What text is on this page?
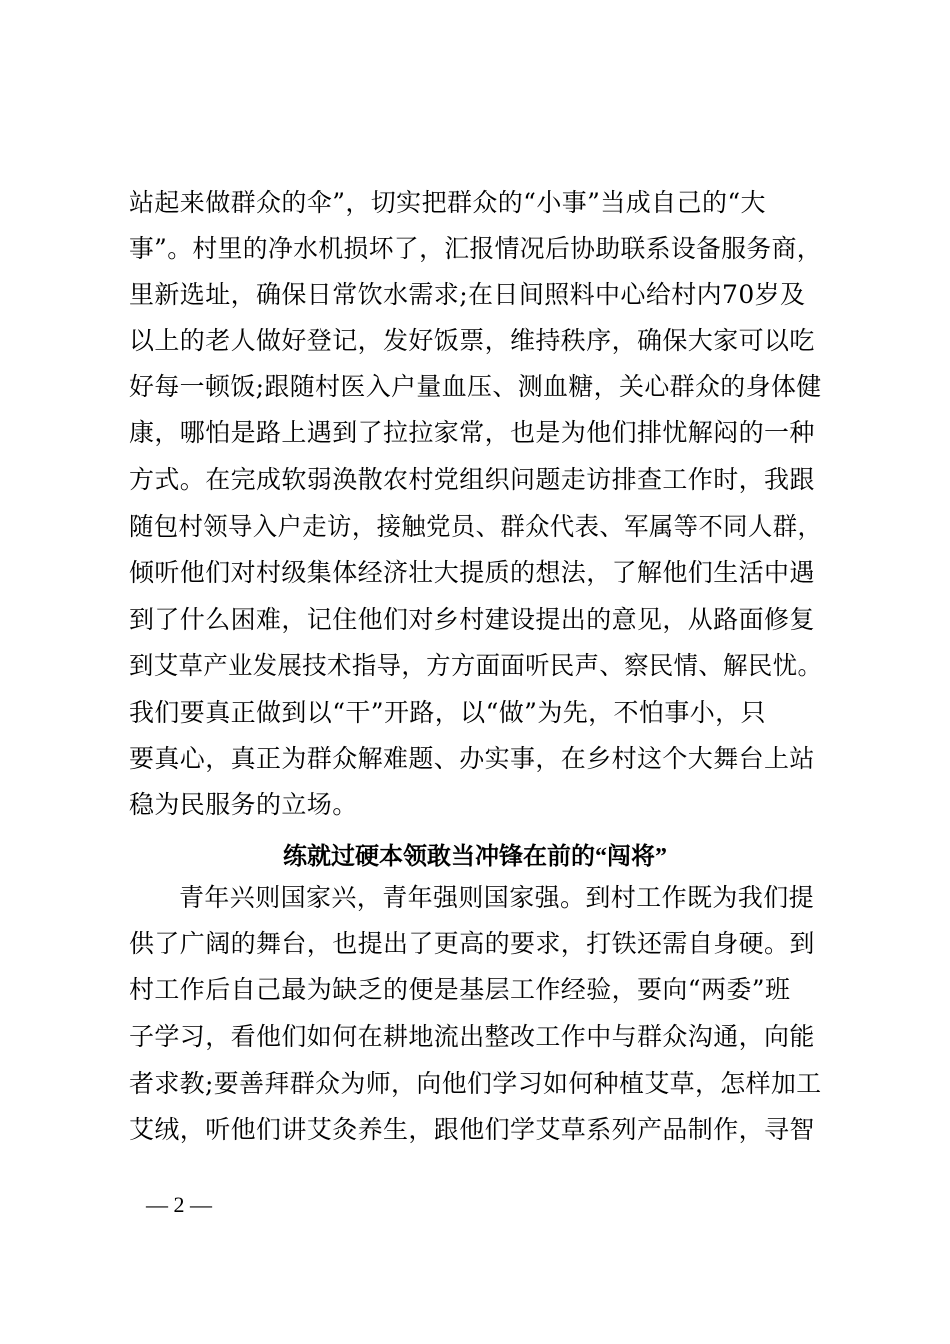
站起来做群众的伞”，切实把群众的“小事”当成自己的“大
事”。村里的净水机损坏了，汇报情况后协助联系设备服务商，
里新选址，确保日常饮水需求;在日间照料中心给村内70岁及
以上的老人做好登记，发好饭票，维持秩序，确保大家可以吃
好每一顿饭;跟随村医入户量血压、测血糖，关心群众的身体健
康，哪怕是路上遇到了拉拉家常，也是为他们排忧解闷的一种
方式。在完成软弱涣散农村党组织问题走访排查工作时，我跟
随包村领导入户走访，接触党员、群众代表、军属等不同人群，
倾听他们对村级集体经济壮大提质的想法，了解他们生活中遇
到了什么困难，记住他们对乡村建设提出的意见，从路面修复
到艾草产业发展技术指导，方方面面听民声、察民情、解民忧。
我们要真正做到以“干”开路，以“做”为先，不怕事小，只
要真心，真正为群众解难题、办实事，在乡村这个大舞台上站
稳为民服务的立场。
练就过硬本领敢当冲锋在前的“闯将”
青年兴则国家兴，青年强则国家强。到村工作既为我们提
供了广阔的舞台，也提出了更高的要求，打铁还需自身硬。到
村工作后自己最为缺乏的便是基层工作经验，要向“两委”班
子学习，看他们如何在耕地流出整改工作中与群众沟通，向能
者求教;要善拜群众为师，向他们学习如何种植艾草，怎样加工
艾绒，听他们讲艾灸养生，跟他们学艾草系列产品制作，寻智
— 2 —
